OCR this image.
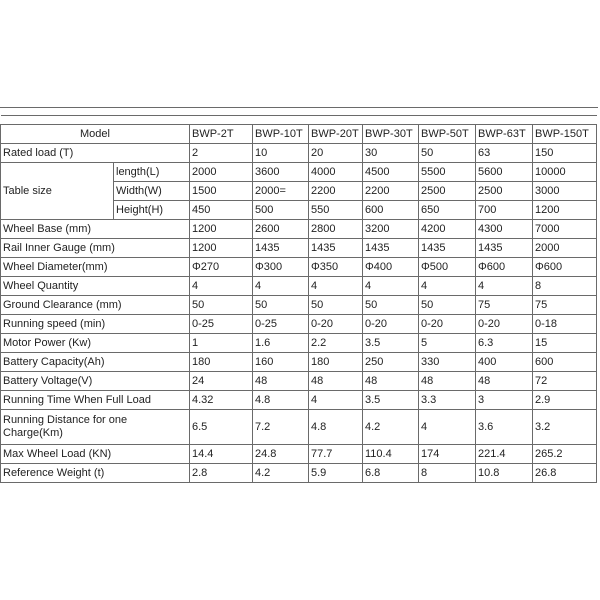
Model		BWP-2T	BWP-10T	BWP-20T	BWP-30T	BWP-50T	BWP-63T	BWP-150T
Rated load (T)		2	10	20	30	50	63	150
Table size	length(L)	2000	3600	4000	4500	5500	5600	10000
	Width(W)	1500	2000=	2200	2200	2500	2500	3000
	Height(H)	450	500	550	600	650	700	1200
Wheel Base (mm)		1200	2600	2800	3200	4200	4300	7000
Rail Inner Gauge (mm)		1200	1435	1435	1435	1435	1435	2000
Wheel Diameter(mm)		Φ270	Φ300	Φ350	Φ400	Φ500	Φ600	Φ600
Wheel Quantity		4	4	4	4	4	4	8
Ground Clearance (mm)		50	50	50	50	50	75	75
Running speed (min)		0-25	0-25	0-20	0-20	0-20	0-20	0-18
Motor Power (Kw)		1	1.6	2.2	3.5	5	6.3	15
Battery Capacity(Ah)		180	160	180	250	330	400	600
Battery Voltage(V)		24	48	48	48	48	48	72
Running Time When Full Load		4.32	4.8	4	3.5	3.3	3	2.9
Running Distance for one Charge(Km)		6.5	7.2	4.8	4.2	4	3.6	3.2
Max Wheel Load (KN)		14.4	24.8	77.7	110.4	174	221.4	265.2
Reference Weight (t)		2.8	4.2	5.9	6.8	8	10.8	26.8
